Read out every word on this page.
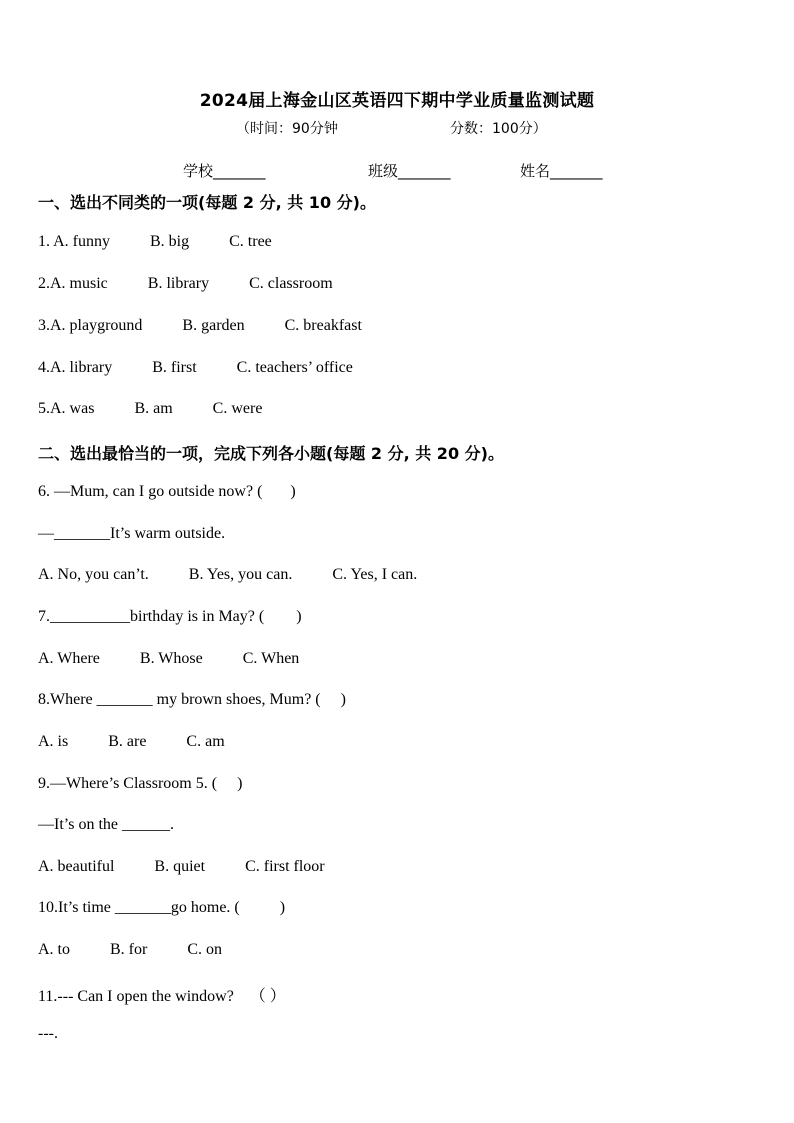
2024届上海金山区英语四下期中学业质量监测试题
（时间：90分钟	分数：100分）
学校_______	班级_______	姓名_______
一、选出不同类的一项(每题 2 分, 共 10 分)。
1. A. funny          B. big          C. tree
2.A. music          B. library          C. classroom
3.A. playground          B. garden          C. breakfast
4.A. library          B. first          C. teachers’ office
5.A. was          B. am          C. were
二、选出最恰当的一项，完成下列各小题(每题 2 分, 共 20 分)。
6. —Mum, can I go outside now? (       )
—_______It’s warm outside.
A. No, you can’t.          B. Yes, you can.          C. Yes, I can.
7.__________birthday is in May? (        )
A. Where          B. Whose          C. When
8.Where _______ my brown shoes, Mum? (     )
A. is          B. are          C. am
9.—Where’s Classroom 5. (     )
—It’s on the ______.
A. beautiful          B. quiet          C. first floor
10.It’s time _______go home. (          )
A. to          B. for          C. on
11.--- Can I open the window?    （ ）
---.
